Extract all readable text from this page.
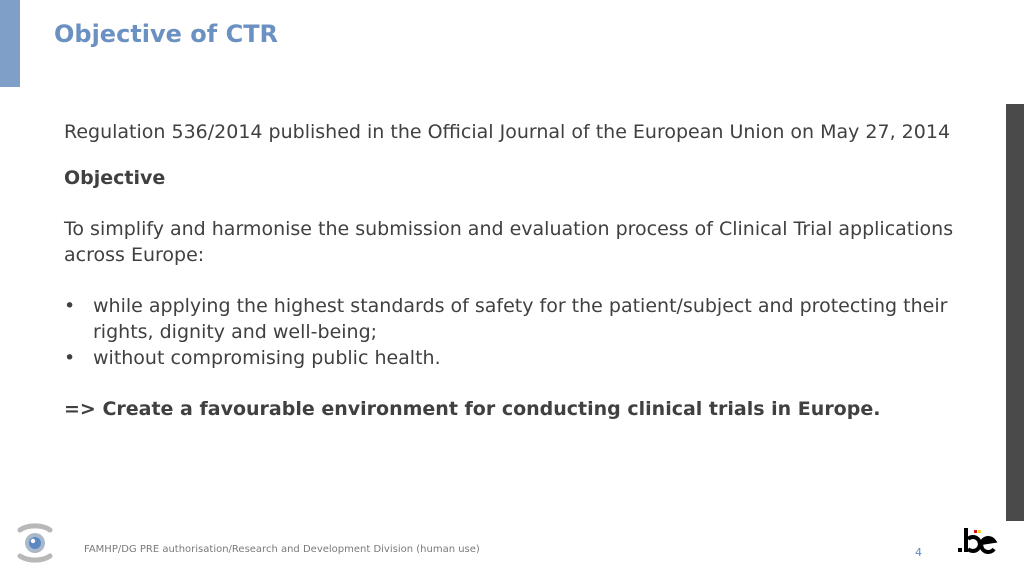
Objective of CTR

Regulation 536/2014 published in the Official Journal of the European Union on May 27, 2014

Objective

To simplify and harmonise the submission and evaluation process of Clinical Trial applications across Europe:

• while applying the highest standards of safety for the patient/subject and protecting their rights, dignity and well-being;
• without compromising public health.

=> Create a favourable environment for conducting clinical trials in Europe.

FAMHP/DG PRE authorisation/Research and Development Division (human use)	4
